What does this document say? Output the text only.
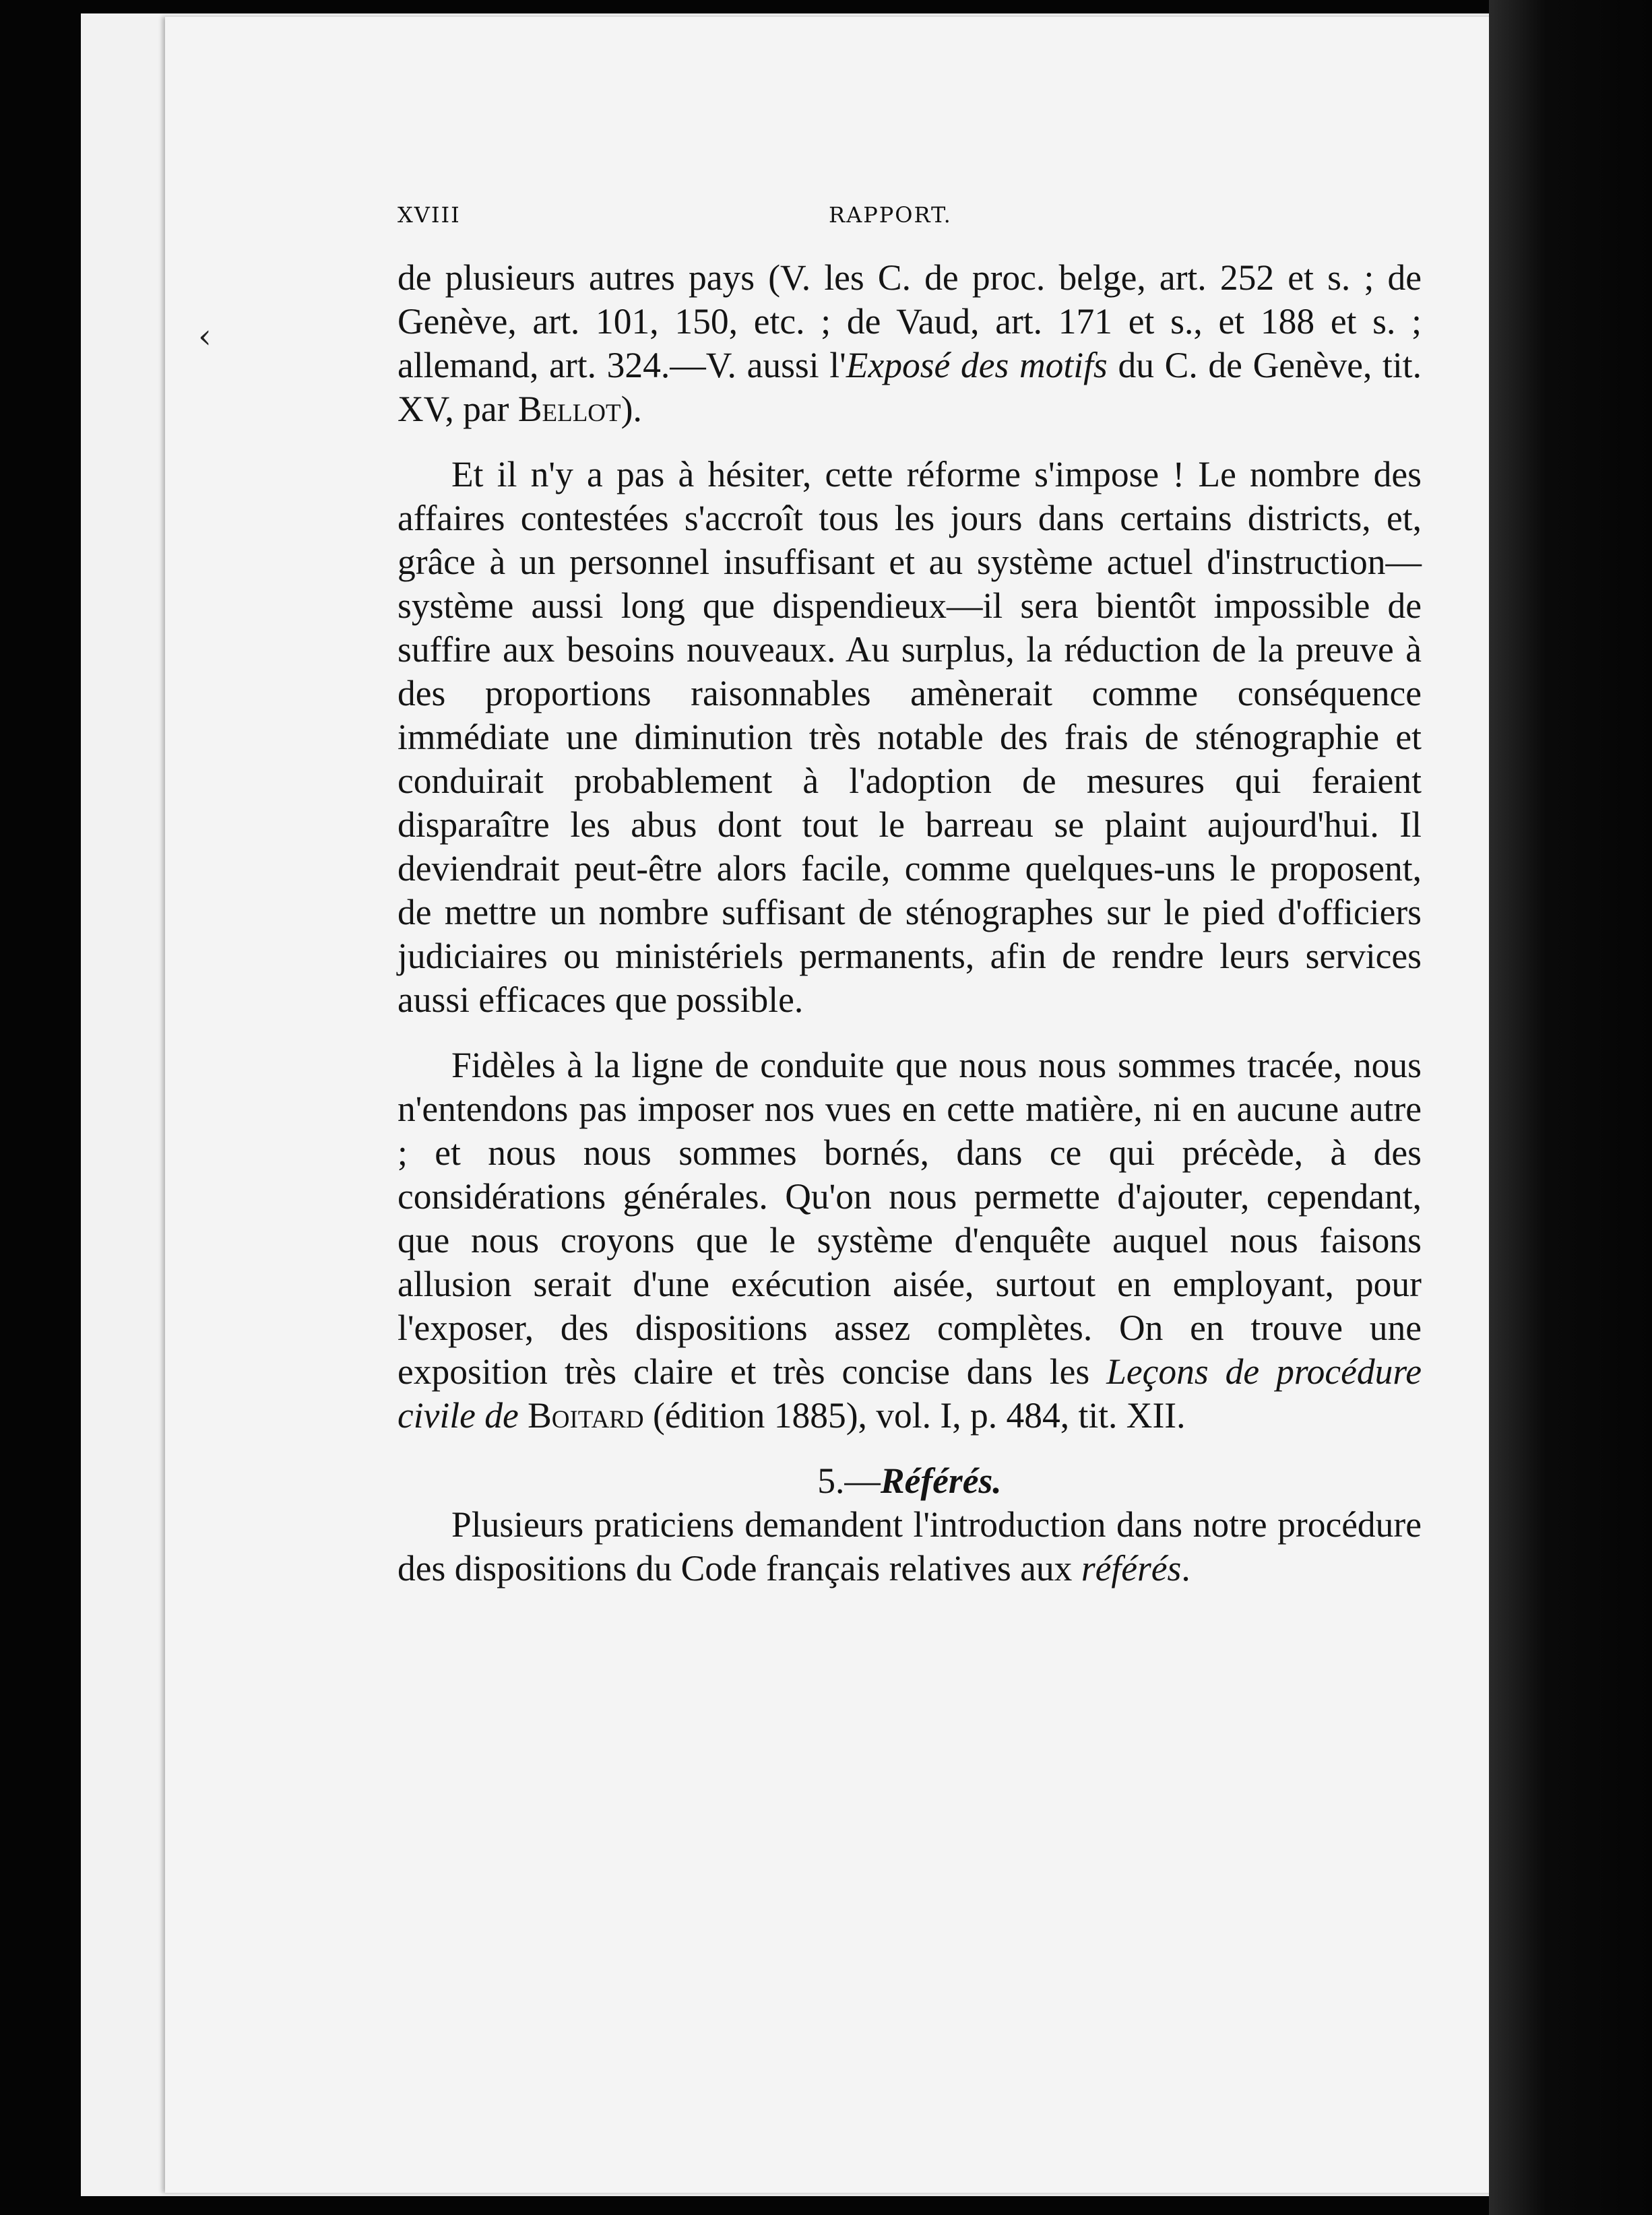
‹
XVIII	RAPPORT.

de plusieurs autres pays (V. les C. de proc. belge, art. 252 et s. ; de Genève, art. 101, 150, etc. ; de Vaud, art. 171 et s., et 188 et s. ; allemand, art. 324.—V. aussi l'Exposé des motifs du C. de Genève, tit. XV, par Bellot).

Et il n'y a pas à hésiter, cette réforme s'impose ! Le nombre des affaires contestées s'accroît tous les jours dans certains districts, et, grâce à un personnel insuffisant et au système actuel d'instruction—système aussi long que dispendieux—il sera bientôt impossible de suffire aux besoins nouveaux. Au surplus, la réduction de la preuve à des proportions raisonnables amènerait comme conséquence immédiate une diminution très notable des frais de sténographie et conduirait probablement à l'adoption de mesures qui feraient disparaître les abus dont tout le barreau se plaint aujourd'hui. Il deviendrait peut-être alors facile, comme quelques-uns le proposent, de mettre un nombre suffisant de sténographes sur le pied d'officiers judiciaires ou ministériels permanents, afin de rendre leurs services aussi efficaces que possible.

Fidèles à la ligne de conduite que nous nous sommes tracée, nous n'entendons pas imposer nos vues en cette matière, ni en aucune autre ; et nous nous sommes bornés, dans ce qui précède, à des considérations générales. Qu'on nous permette d'ajouter, cependant, que nous croyons que le système d'enquête auquel nous faisons allusion serait d'une exécution aisée, surtout en employant, pour l'exposer, des dispositions assez complètes. On en trouve une exposition très claire et très concise dans les Leçons de procédure civile de Boitard (édition 1885), vol. I, p. 484, tit. XII.

5.—Référés.

Plusieurs praticiens demandent l'introduction dans notre procédure des dispositions du Code français relatives aux référés.
